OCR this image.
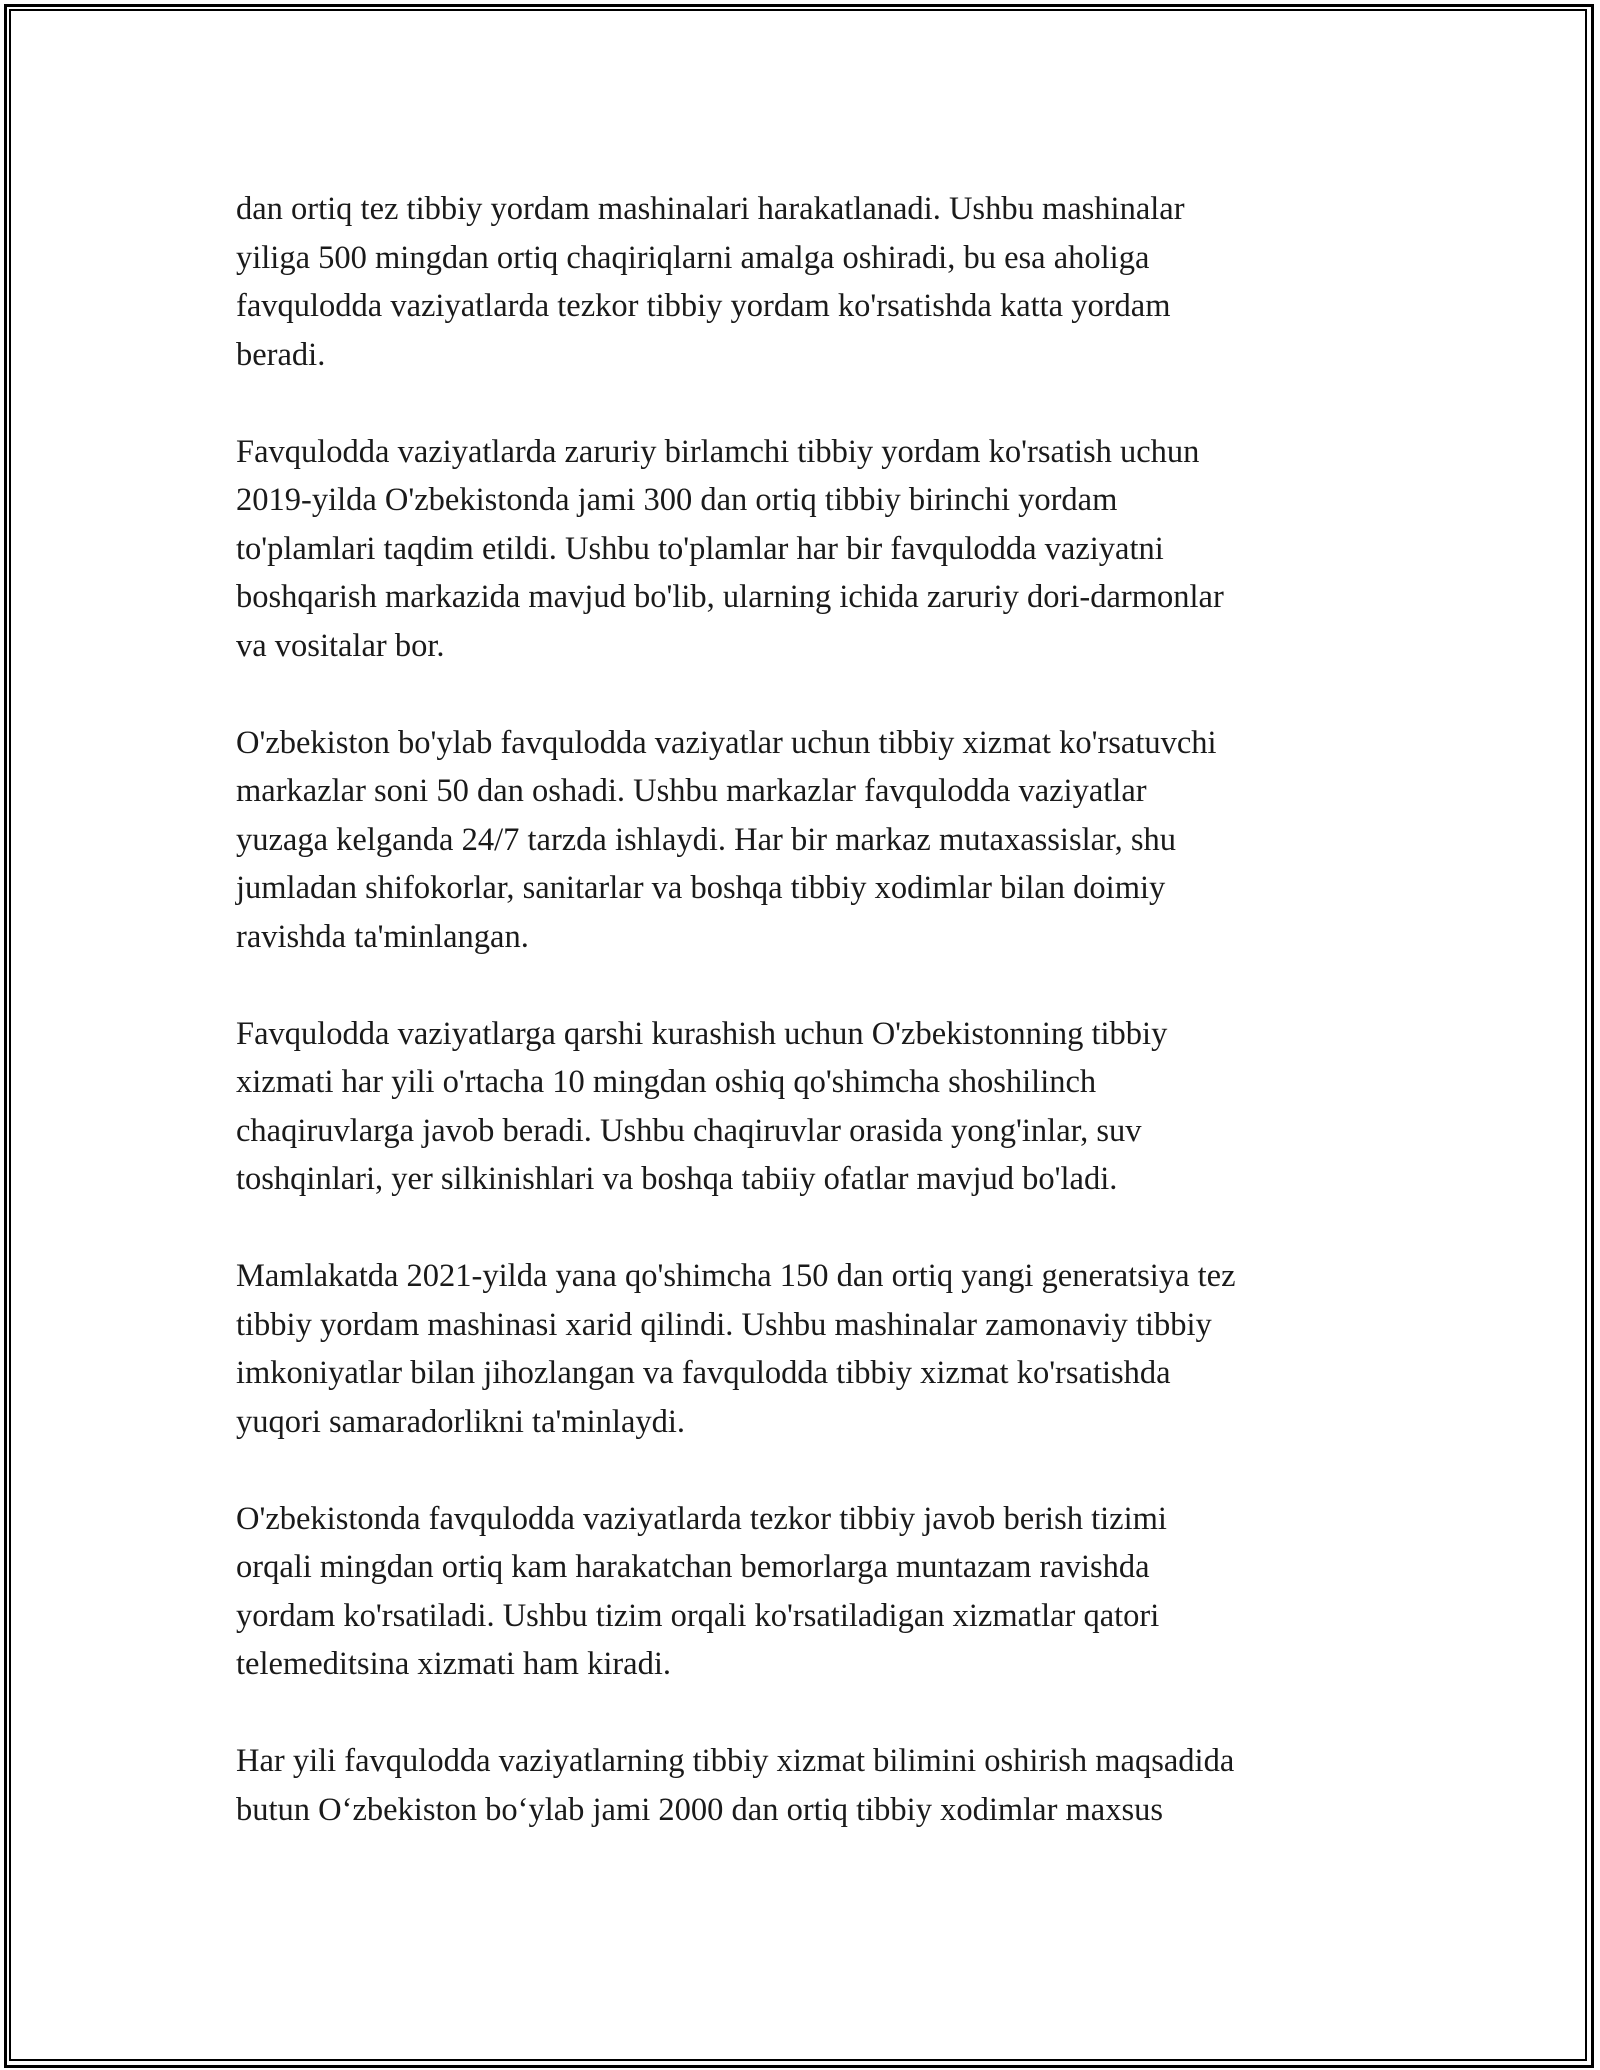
dan ortiq tez tibbiy yordam mashinalari harakatlanadi. Ushbu mashinalar
yiliga 500 mingdan ortiq chaqiriqlarni amalga oshiradi, bu esa aholiga
favqulodda vaziyatlarda tezkor tibbiy yordam ko'rsatishda katta yordam
beradi.

Favqulodda vaziyatlarda zaruriy birlamchi tibbiy yordam ko'rsatish uchun
2019-yilda O'zbekistonda jami 300 dan ortiq tibbiy birinchi yordam
to'plamlari taqdim etildi. Ushbu to'plamlar har bir favqulodda vaziyatni
boshqarish markazida mavjud bo'lib, ularning ichida zaruriy dori-darmonlar
va vositalar bor.

O'zbekiston bo'ylab favqulodda vaziyatlar uchun tibbiy xizmat ko'rsatuvchi
markazlar soni 50 dan oshadi. Ushbu markazlar favqulodda vaziyatlar
yuzaga kelganda 24/7 tarzda ishlaydi. Har bir markaz mutaxassislar, shu
jumladan shifokorlar, sanitarlar va boshqa tibbiy xodimlar bilan doimiy
ravishda ta'minlangan.

Favqulodda vaziyatlarga qarshi kurashish uchun O'zbekistonning tibbiy
xizmati har yili o'rtacha 10 mingdan oshiq qo'shimcha shoshilinch
chaqiruvlarga javob beradi. Ushbu chaqiruvlar orasida yong'inlar, suv
toshqinlari, yer silkinishlari va boshqa tabiiy ofatlar mavjud bo'ladi.

Mamlakatda 2021-yilda yana qo'shimcha 150 dan ortiq yangi generatsiya tez
tibbiy yordam mashinasi xarid qilindi. Ushbu mashinalar zamonaviy tibbiy
imkoniyatlar bilan jihozlangan va favqulodda tibbiy xizmat ko'rsatishda
yuqori samaradorlikni ta'minlaydi.

O'zbekistonda favqulodda vaziyatlarda tezkor tibbiy javob berish tizimi
orqali mingdan ortiq kam harakatchan bemorlarga muntazam ravishda
yordam ko'rsatiladi. Ushbu tizim orqali ko'rsatiladigan xizmatlar qatori
telemeditsina xizmati ham kiradi.

Har yili favqulodda vaziyatlarning tibbiy xizmat bilimini oshirish maqsadida
butun O‘zbekiston bo‘ylab jami 2000 dan ortiq tibbiy xodimlar maxsus
